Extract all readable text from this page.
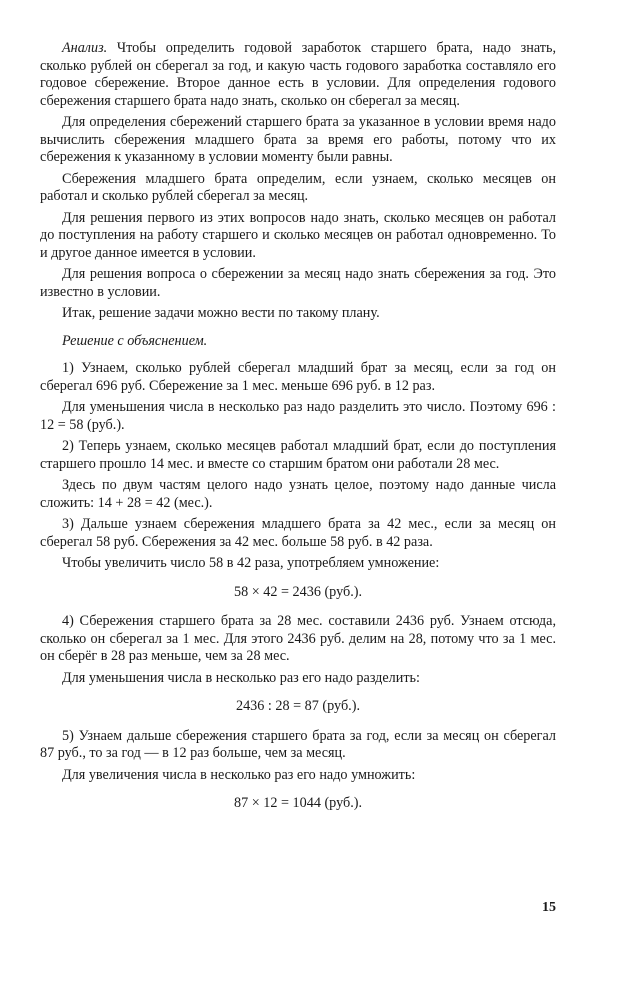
Анализ. Чтобы определить годовой заработок старшего брата, надо знать, сколько рублей он сберегал за год, и какую часть годового заработка составляло его годовое сбережение. Второе данное есть в условии. Для определения годового сбережения старшего брата надо знать, сколько он сберегал за месяц.

Для определения сбережений старшего брата за указанное в условии время надо вычислить сбережения младшего брата за время его работы, потому что их сбережения к указанному в условии моменту были равны.

Сбережения младшего брата определим, если узнаем, сколько месяцев он работал и сколько рублей сберегал за месяц.

Для решения первого из этих вопросов надо знать, сколько месяцев он работал до поступления на работу старшего и сколько месяцев он работал одновременно. То и другое данное имеется в условии.

Для решения вопроса о сбережении за месяц надо знать сбережения за год. Это известно в условии.

Итак, решение задачи можно вести по такому плану.

Решение с объяснением.

1) Узнаем, сколько рублей сберегал младший брат за месяц, если за год он сберегал 696 руб. Сбережение за 1 мес. меньше 696 руб. в 12 раз.

Для уменьшения числа в несколько раз надо разделить это число. Поэтому 696 : 12 = 58 (руб.).

2) Теперь узнаем, сколько месяцев работал младший брат, если до поступления старшего прошло 14 мес. и вместе со старшим братом они работали 28 мес.

Здесь по двум частям целого надо узнать целое, поэтому надо данные числа сложить: 14 + 28 = 42 (мес.).

3) Дальше узнаем сбережения младшего брата за 42 мес., если за месяц он сберегал 58 руб. Сбережения за 42 мес. больше 58 руб. в 42 раза.

Чтобы увеличить число 58 в 42 раза, употребляем умножение:

58 × 42 = 2436 (руб.).

4) Сбережения старшего брата за 28 мес. составили 2436 руб. Узнаем отсюда, сколько он сберегал за 1 мес. Для этого 2436 руб. делим на 28, потому что за 1 мес. он сберёг в 28 раз меньше, чем за 28 мес.

Для уменьшения числа в несколько раз его надо разделить:

2436 : 28 = 87 (руб.).

5) Узнаем дальше сбережения старшего брата за год, если за месяц он сберегал 87 руб., то за год — в 12 раз больше, чем за месяц.

Для увеличения числа в несколько раз его надо умножить:

87 × 12 = 1044 (руб.).
15
